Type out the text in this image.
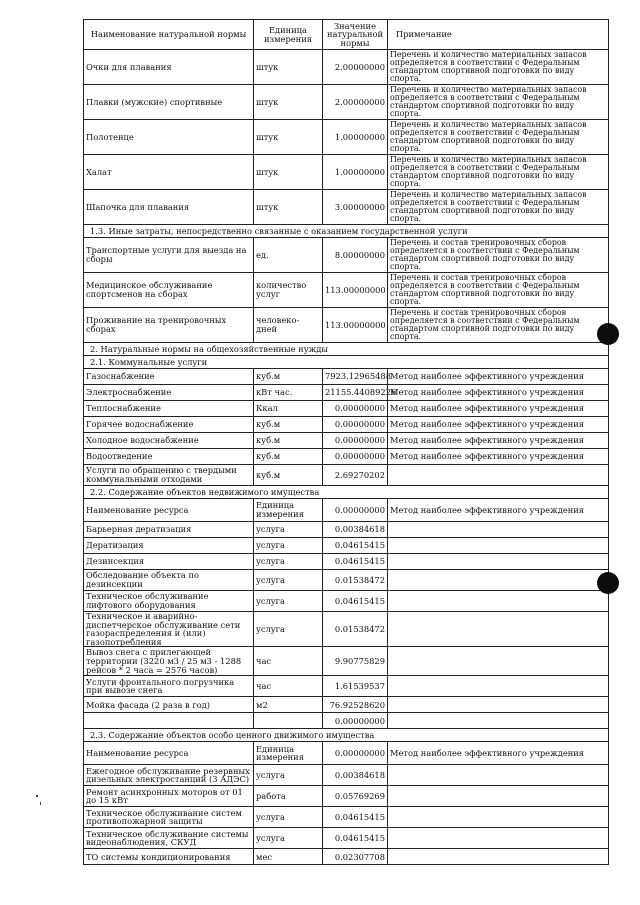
Наименование натуральной нормы	Единица измерения	Значение натуральной нормы	Примечание
Очки для плавания	штук	2.00000000	Перечень и количество материальных запасов определяется в соответствии с Федеральным стандартом спортивной подготовки по виду спорта.
Плавки (мужские) спортивные	штук	2.00000000	Перечень и количество материальных запасов определяется в соответствии с Федеральным стандартом спортивной подготовки по виду спорта.
Полотенце	штук	1.00000000	Перечень и количество материальных запасов определяется в соответствии с Федеральным стандартом спортивной подготовки по виду спорта.
Халат	штук	1.00000000	Перечень и количество материальных запасов определяется в соответствии с Федеральным стандартом спортивной подготовки по виду спорта.
Шапочка для плавания	штук	3.00000000	Перечень и количество материальных запасов определяется в соответствии с Федеральным стандартом спортивной подготовки по виду спорта.
1.3. Иные затраты, непосредственно связанные с оказанием государственной услуги			
Транспортные услуги для выезда на сборы	ед.	8.00000000	Перечень и состав тренировочных сборов определяется в соответствии с Федеральным стандартом спортивной подготовки по виду спорта.
Медицинское обслуживание спортсменов на сборах	количество услуг	113.00000000	Перечень и состав тренировочных сборов определяется в соответствии с Федеральным стандартом спортивной подготовки по виду спорта.
Проживание на тренировочных сборах	человеко-дней	113.00000000	Перечень и состав тренировочных сборов определяется в соответствии с Федеральным стандартом спортивной подготовки по виду спорта.
2. Натуральные нормы на общехозяйственные нужды			
2.1. Коммунальные услуги			
Газоснабжение	куб.м	7923.12965488	Метод наиболее эффективного учреждения
Электроснабжение	кВт час.	21155.44089226	Метод наиболее эффективного учреждения
Теплоснабжение	Ккал	0.00000000	Метод наиболее эффективного учреждения
Горячее водоснабжение	куб.м	0.00000000	Метод наиболее эффективного учреждения
Холодное водоснабжение	куб.м	0.00000000	Метод наиболее эффективного учреждения
Водоотведение	куб.м	0.00000000	Метод наиболее эффективного учреждения
Услуги по обращению с твердыми коммунальными отходами	куб.м	2.69270202	
2.2. Содержание объектов недвижимого имущества			
Наименование ресурса	Единица измерения	0.00000000	Метод наиболее эффективного учреждения
Барьерная дератизация	услуга	0.00384618	
Дератизация	услуга	0.04615415	
Дезинсекция	услуга	0.04615415	
Обследование объекта по дезинсекции	услуга	0.01538472	
Техническое обслуживание лифтового оборудования	услуга	0.04615415	
Техническое и аварийно-диспетчерское обслуживание сети газораспределения и (или) газопотребления	услуга	0.01538472	
Вывоз снега с прилегающей территории (3220 м3 / 25 м3 - 1288 рейсов * 2 часа = 2576 часов)	час	9.90775829	
Услуги фронтального погрузчика при вывозе снега	час	1.61539537	
Мойка фасада (2 раза в год)	м2	76.92528620	
		0.00000000	
2.3. Содержание объектов особо ценного движимого имущества			
Наименование ресурса	Единица измерения	0.00000000	Метод наиболее эффективного учреждения
Ежегодное обслуживание резервных дизельных электростанций (3 АДЭС)	услуга	0.00384618	
Ремонт асинхронных моторов от 01 до 15 кВт	работа	0.05769269	
Техническое обслуживание систем противопожарной защиты	услуга	0.04615415	
Техническое обслуживание системы видеонаблюдения, СКУД	услуга	0.04615415	
ТО системы кондиционирования	мес	0.02307708	
